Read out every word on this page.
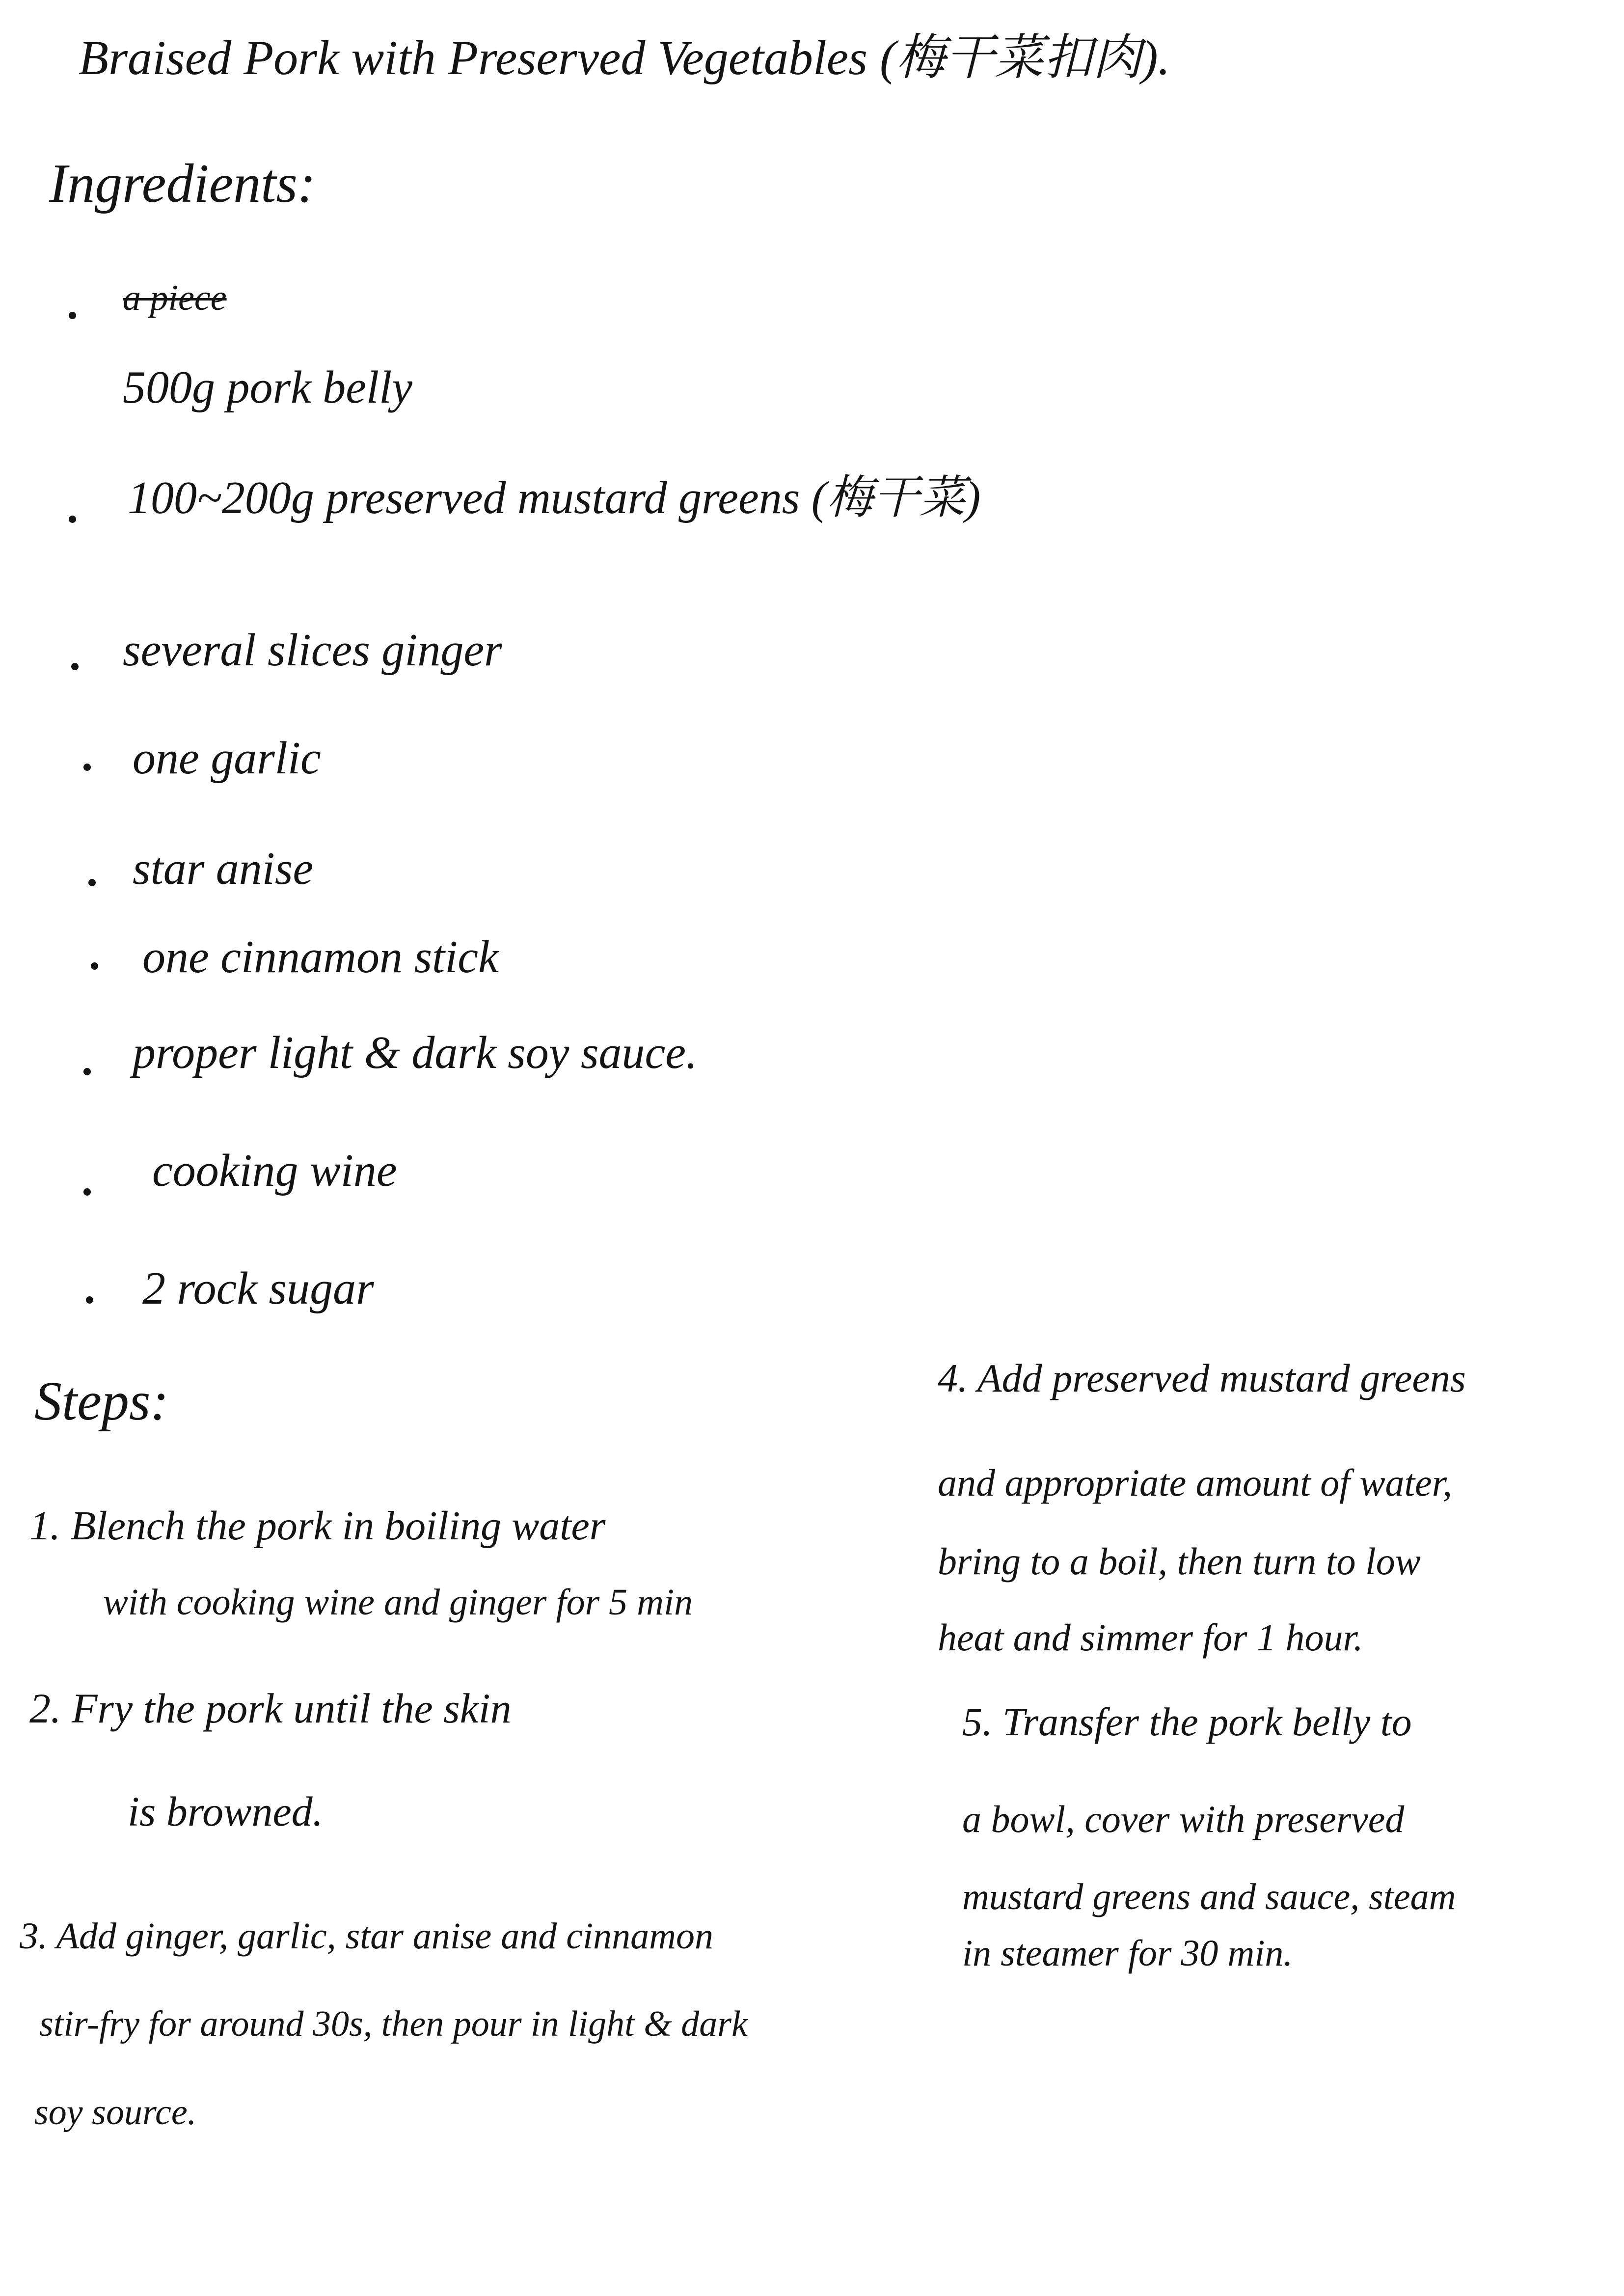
Braised Pork with Preserved Vegetables (梅干菜扣肉).
Ingredients:
a piece
500g pork belly
100~200g preserved mustard greens (梅干菜)
several slices ginger
one garlic
star anise
one cinnamon stick
proper light & dark soy sauce.
cooking wine
2 rock sugar
Steps:
1. Blench the pork in boiling water
with cooking wine and ginger for 5 min
2. Fry the pork until the skin
is browned.
3. Add ginger, garlic, star anise and cinnamon
stir-fry for around 30s, then pour in light & dark
soy source.
4. Add preserved mustard greens
and appropriate amount of water,
bring to a boil, then turn to low
heat and simmer for 1 hour.
5. Transfer the pork belly to
a bowl, cover with preserved
mustard greens and sauce, steam
in steamer for 30 min.
